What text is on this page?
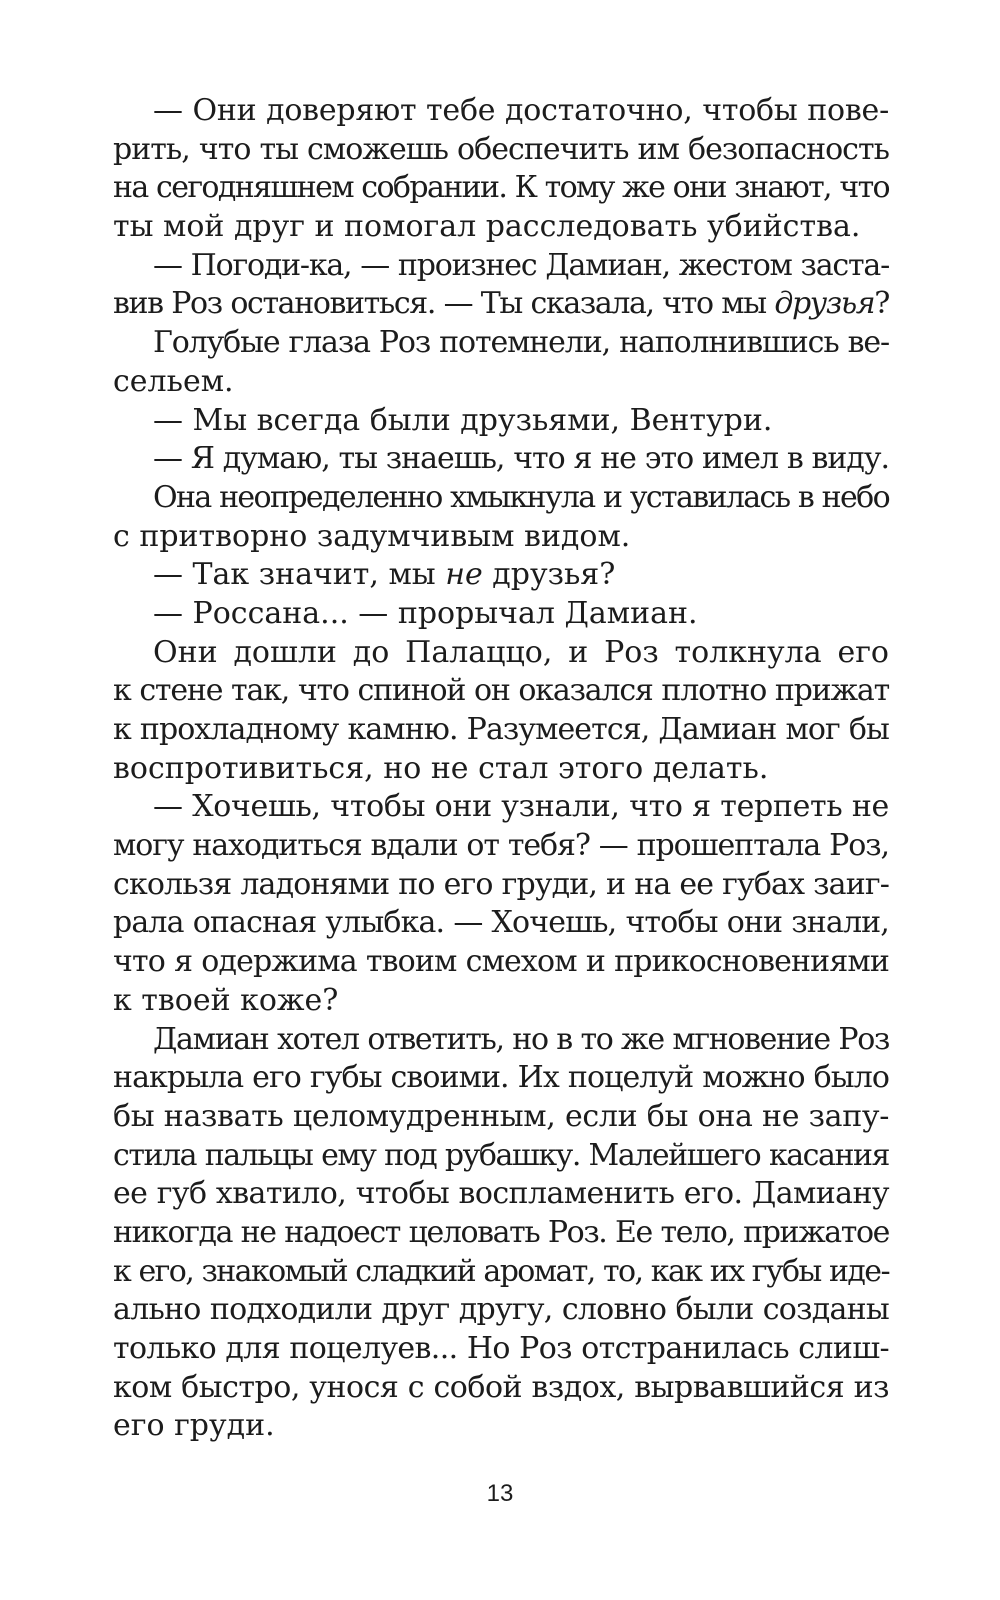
— Они доверяют тебе достаточно, чтобы пове-
рить, что ты сможешь обеспечить им безопасность
на сегодняшнем собрании. К тому же они знают, что
ты мой друг и помогал расследовать убийства.
— Погоди-ка, — произнес Дамиан, жестом заста-
вив Роз остановиться. — Ты сказала, что мы друзья?
Голубые глаза Роз потемнели, наполнившись ве-
сельем.
— Мы всегда были друзьями, Вентури.
— Я думаю, ты знаешь, что я не это имел в виду.
Она неопределенно хмыкнула и уставилась в небо
с притворно задумчивым видом.
— Так значит, мы не друзья?
— Россана... — прорычал Дамиан.
Они дошли до Палаццо, и Роз толкнула его
к стене так, что спиной он оказался плотно прижат
к прохладному камню. Разумеется, Дамиан мог бы
воспротивиться, но не стал этого делать.
— Хочешь, чтобы они узнали, что я терпеть не
могу находиться вдали от тебя? — прошептала Роз,
скользя ладонями по его груди, и на ее губах заиг-
рала опасная улыбка. — Хочешь, чтобы они знали,
что я одержима твоим смехом и прикосновениями
к твоей коже?
Дамиан хотел ответить, но в то же мгновение Роз
накрыла его губы своими. Их поцелуй можно было
бы назвать целомудренным, если бы она не запу-
стила пальцы ему под рубашку. Малейшего касания
ее губ хватило, чтобы воспламенить его. Дамиану
никогда не надоест целовать Роз. Ее тело, прижатое
к его, знакомый сладкий аромат, то, как их губы иде-
ально подходили друг другу, словно были созданы
только для поцелуев... Но Роз отстранилась слиш-
ком быстро, унося с собой вздох, вырвавшийся из
его груди.
13
